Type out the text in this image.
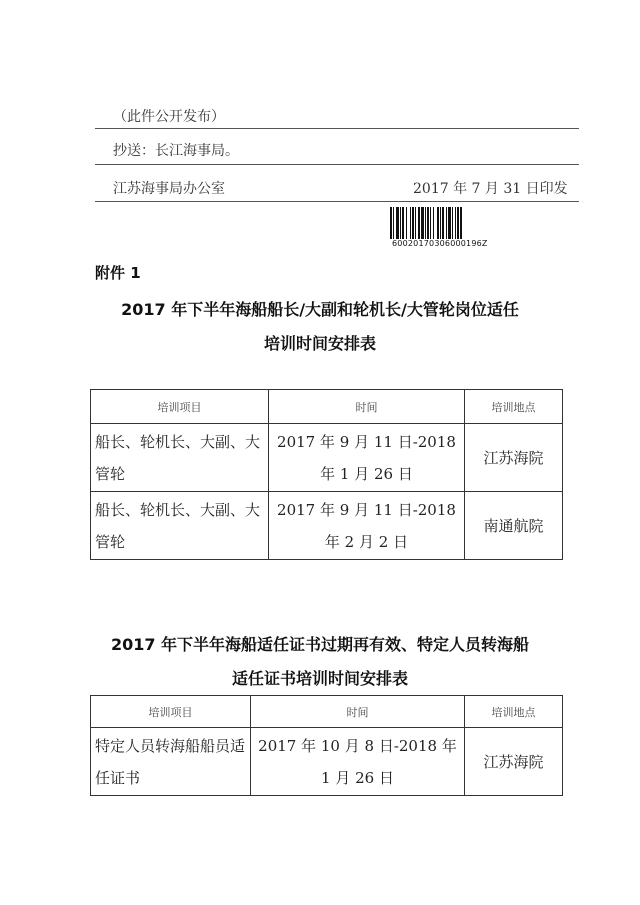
（此件公开发布）
抄送：长江海事局。
江苏海事局办公室	2017 年 7 月 31 日印发
60020170306000196Z
附件 1
2017 年下半年海船船长/大副和轮机长/大管轮岗位适任
培训时间安排表
培训项目	时间	培训地点
船长、轮机长、大副、大管轮	2017 年 9 月 11 日-2018 年 1 月 26 日	江苏海院
船长、轮机长、大副、大管轮	2017 年 9 月 11 日-2018 年 2 月 2 日	南通航院
2017 年下半年海船适任证书过期再有效、特定人员转海船
适任证书培训时间安排表
培训项目	时间	培训地点
特定人员转海船船员适任证书	2017 年 10 月 8 日-2018 年 1 月 26 日	江苏海院
